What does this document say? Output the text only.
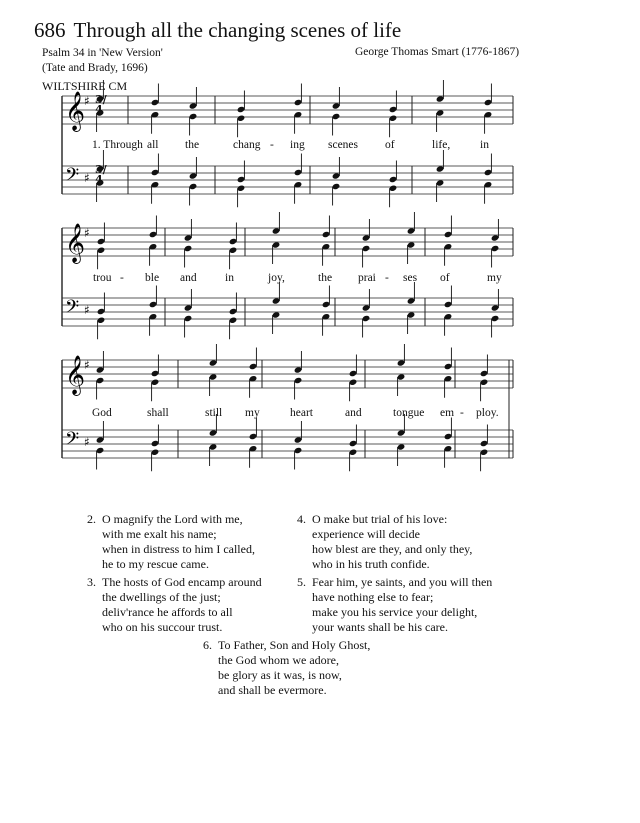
686 Through all the changing scenes of life
Psalm 34 in 'New Version'
(Tate and Brady, 1696)
George Thomas Smart (1776-1867)
WILTSHIRE CM
𝄞
♯
𝄢 ♯
𝄞
♯
𝄢 ♯
𝄞
♯
𝄢 ♯
3/4
3/4
1. Through all the	chang - ing scenes of	life,	in
trou - ble and in	joy,	the prai - ses of	my
God	shall	still my	heart	and	tongue em - ploy.
2. O magnify the Lord with me,
with me exalt his name;
when in distress to him I called,
he to my rescue came.
3. The hosts of God encamp around
the dwellings of the just;
deliv'rance he affords to all
who on his succour trust.
4. O make but trial of his love:
experience will decide
how blest are they, and only they,
who in his truth confide.
5. Fear him, ye saints, and you will then
have nothing else to fear;
make you his service your delight,
your wants shall be his care.
6. To Father, Son and Holy Ghost,
the God whom we adore,
be glory as it was, is now,
and shall be evermore.
